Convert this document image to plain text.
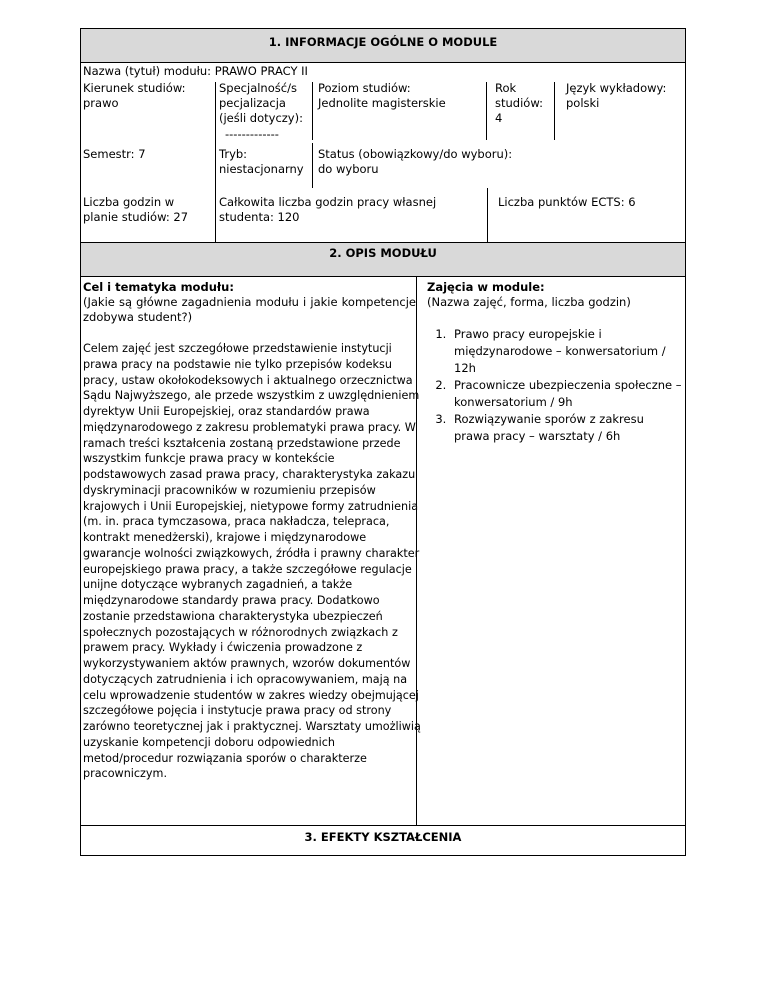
1. INFORMACJE OGÓLNE O MODULE
Nazwa (tytuł) modułu: PRAWO PRACY II
Kierunek studiów:
prawo
Specjalność/s
pecjalizacja
(jeśli dotyczy):
-------------
Poziom studiów:
Jednolite magisterskie
Rok
studiów:
4
Język wykładowy:
polski
Semestr: 7	Tryb:
niestacjonarny
Status (obowiązkowy/do wyboru):
do wyboru
Liczba godzin w
planie studiów: 27
Całkowita liczba godzin pracy własnej
studenta: 120
Liczba punktów ECTS: 6
2. OPIS MODUŁU
Cel i tematyka modułu:
(Jakie są główne zagadnienia modułu i jakie kompetencje zdobywa student?)
Celem zajęć jest szczegółowe przedstawienie instytucji prawa pracy na podstawie nie tylko przepisów kodeksu pracy, ustaw okołokodeksowych i aktualnego orzecznictwa Sądu Najwyższego, ale przede wszystkim z uwzględnieniem dyrektyw Unii Europejskiej, oraz standardów prawa międzynarodowego z zakresu problematyki prawa pracy. W ramach treści kształcenia zostaną przedstawione przede wszystkim funkcje prawa pracy w kontekście podstawowych zasad prawa pracy, charakterystyka zakazu dyskryminacji pracowników w rozumieniu przepisów krajowych i Unii Europejskiej, nietypowe formy zatrudnienia (m. in. praca tymczasowa, praca nakładcza, telepraca, kontrakt menedżerski), krajowe i międzynarodowe gwarancje wolności związkowych, źródła i prawny charakter europejskiego prawa pracy, a także szczegółowe regulacje unijne dotyczące wybranych zagadnień, a także międzynarodowe standardy prawa pracy. Dodatkowo zostanie przedstawiona charakterystyka ubezpieczeń społecznych pozostających w różnorodnych związkach z prawem pracy. Wykłady i ćwiczenia prowadzone z wykorzystywaniem aktów prawnych, wzorów dokumentów dotyczących zatrudnienia i ich opracowywaniem, mają na celu wprowadzenie studentów w zakres wiedzy obejmującej szczegółowe pojęcia i instytucje prawa pracy od strony zarówno teoretycznej jak i praktycznej. Warsztaty umożliwią uzyskanie kompetencji doboru odpowiednich metod/procedur rozwiązania sporów o charakterze pracowniczym.
Zajęcia w module:
(Nazwa zajęć, forma, liczba godzin)
1. Prawo pracy europejskie i międzynarodowe – konwersatorium / 12h
2. Pracownicze ubezpieczenia społeczne – konwersatorium / 9h
3. Rozwiązywanie sporów z zakresu prawa pracy – warsztaty / 6h
3. EFEKTY KSZTAŁCENIA
